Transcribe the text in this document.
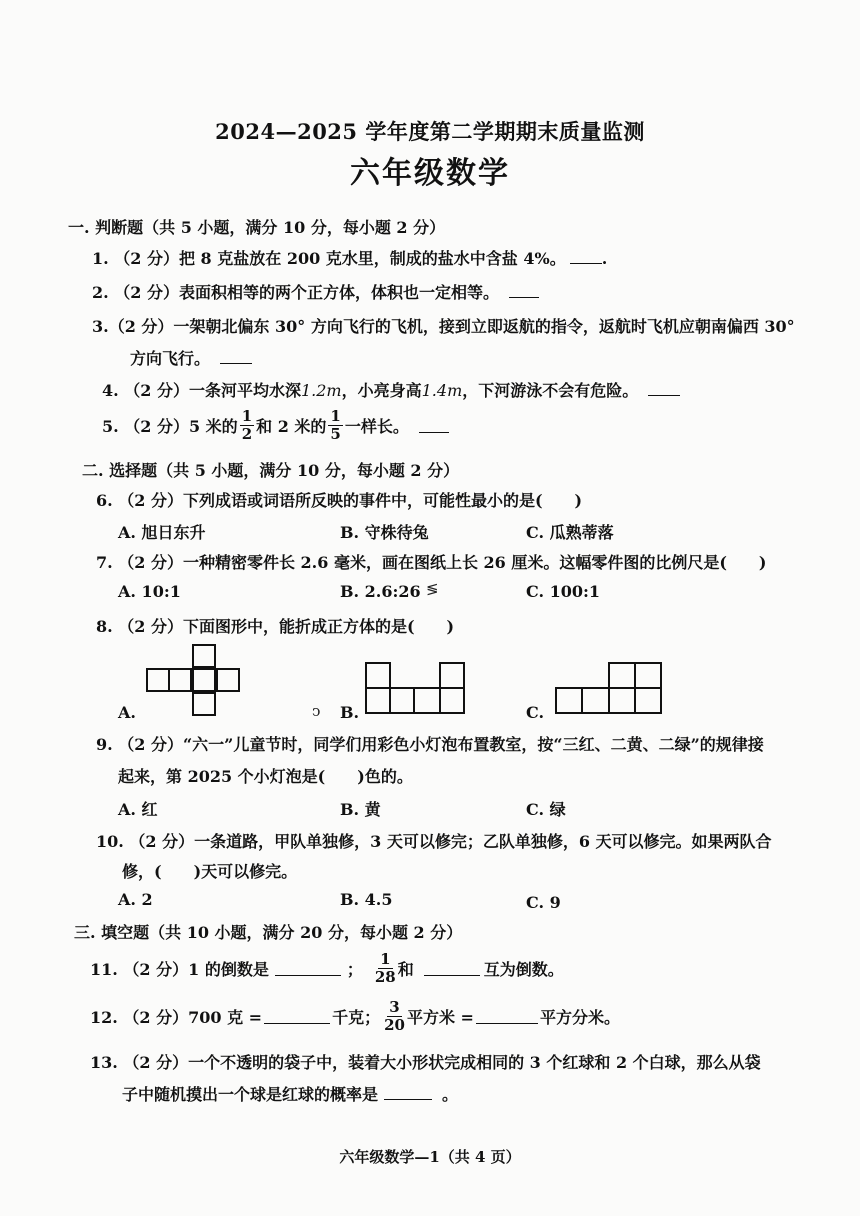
2024—2025 学年度第二学期期末质量监测
六年级数学
一. 判断题（共 5 小题，满分 10 分，每小题 2 分）
1. （2 分）把 8 克盐放在 200 克水里，制成的盐水中含盐 4%。 .
2. （2 分）表面积相等的两个正方体，体积也一定相等。
3.（2 分）一架朝北偏东 30° 方向飞行的飞机，接到立即返航的指令，返航时飞机应朝南偏西 30°
方向飞行。
4. （2 分）一条河平均水深1.2m，小亮身高1.4m，下河游泳不会有危险。
5. （2 分）5 米的 $\frac{1}{2}$ 和 2 米的 $\frac{1}{5}$ 一样长。
二. 选择题（共 5 小题，满分 10 分，每小题 2 分）
6. （2 分）下列成语或词语所反映的事件中，可能性最小的是(　　)
A. 旭日东升	B. 守株待兔	C. 瓜熟蒂落
7. （2 分）一种精密零件长 2.6 毫米，画在图纸上长 26 厘米。这幅零件图的比例尺是(　　)
A. 10:1	B. 2.6:26 ≶	C. 100:1
8. （2 分）下面图形中，能折成正方体的是(　　)
A.	ↄ B.	C.
9. （2 分）“六一”儿童节时，同学们用彩色小灯泡布置教室，按“三红、二黄、二绿”的规律接
起来，第 2025 个小灯泡是(　　)色的。
A. 红	B. 黄	C. 绿
10. （2 分）一条道路，甲队单独修，3 天可以修完；乙队单独修，6 天可以修完。如果两队合
修，(　　)天可以修完。
A. 2	B. 4.5	C. 9
三. 填空题（共 10 小题，满分 20 分，每小题 2 分）
11. （2 分）1 的倒数是	； $\frac{1}{28}$ 和	互为倒数。
12. （2 分）700 克 =	千克； $\frac{3}{20}$ 平方米 =	平方分米。
13. （2 分）一个不透明的袋子中，装着大小形状完成相同的 3 个红球和 2 个白球，那么从袋
子中随机摸出一个球是红球的概率是	。
六年级数学—1（共 4 页）
